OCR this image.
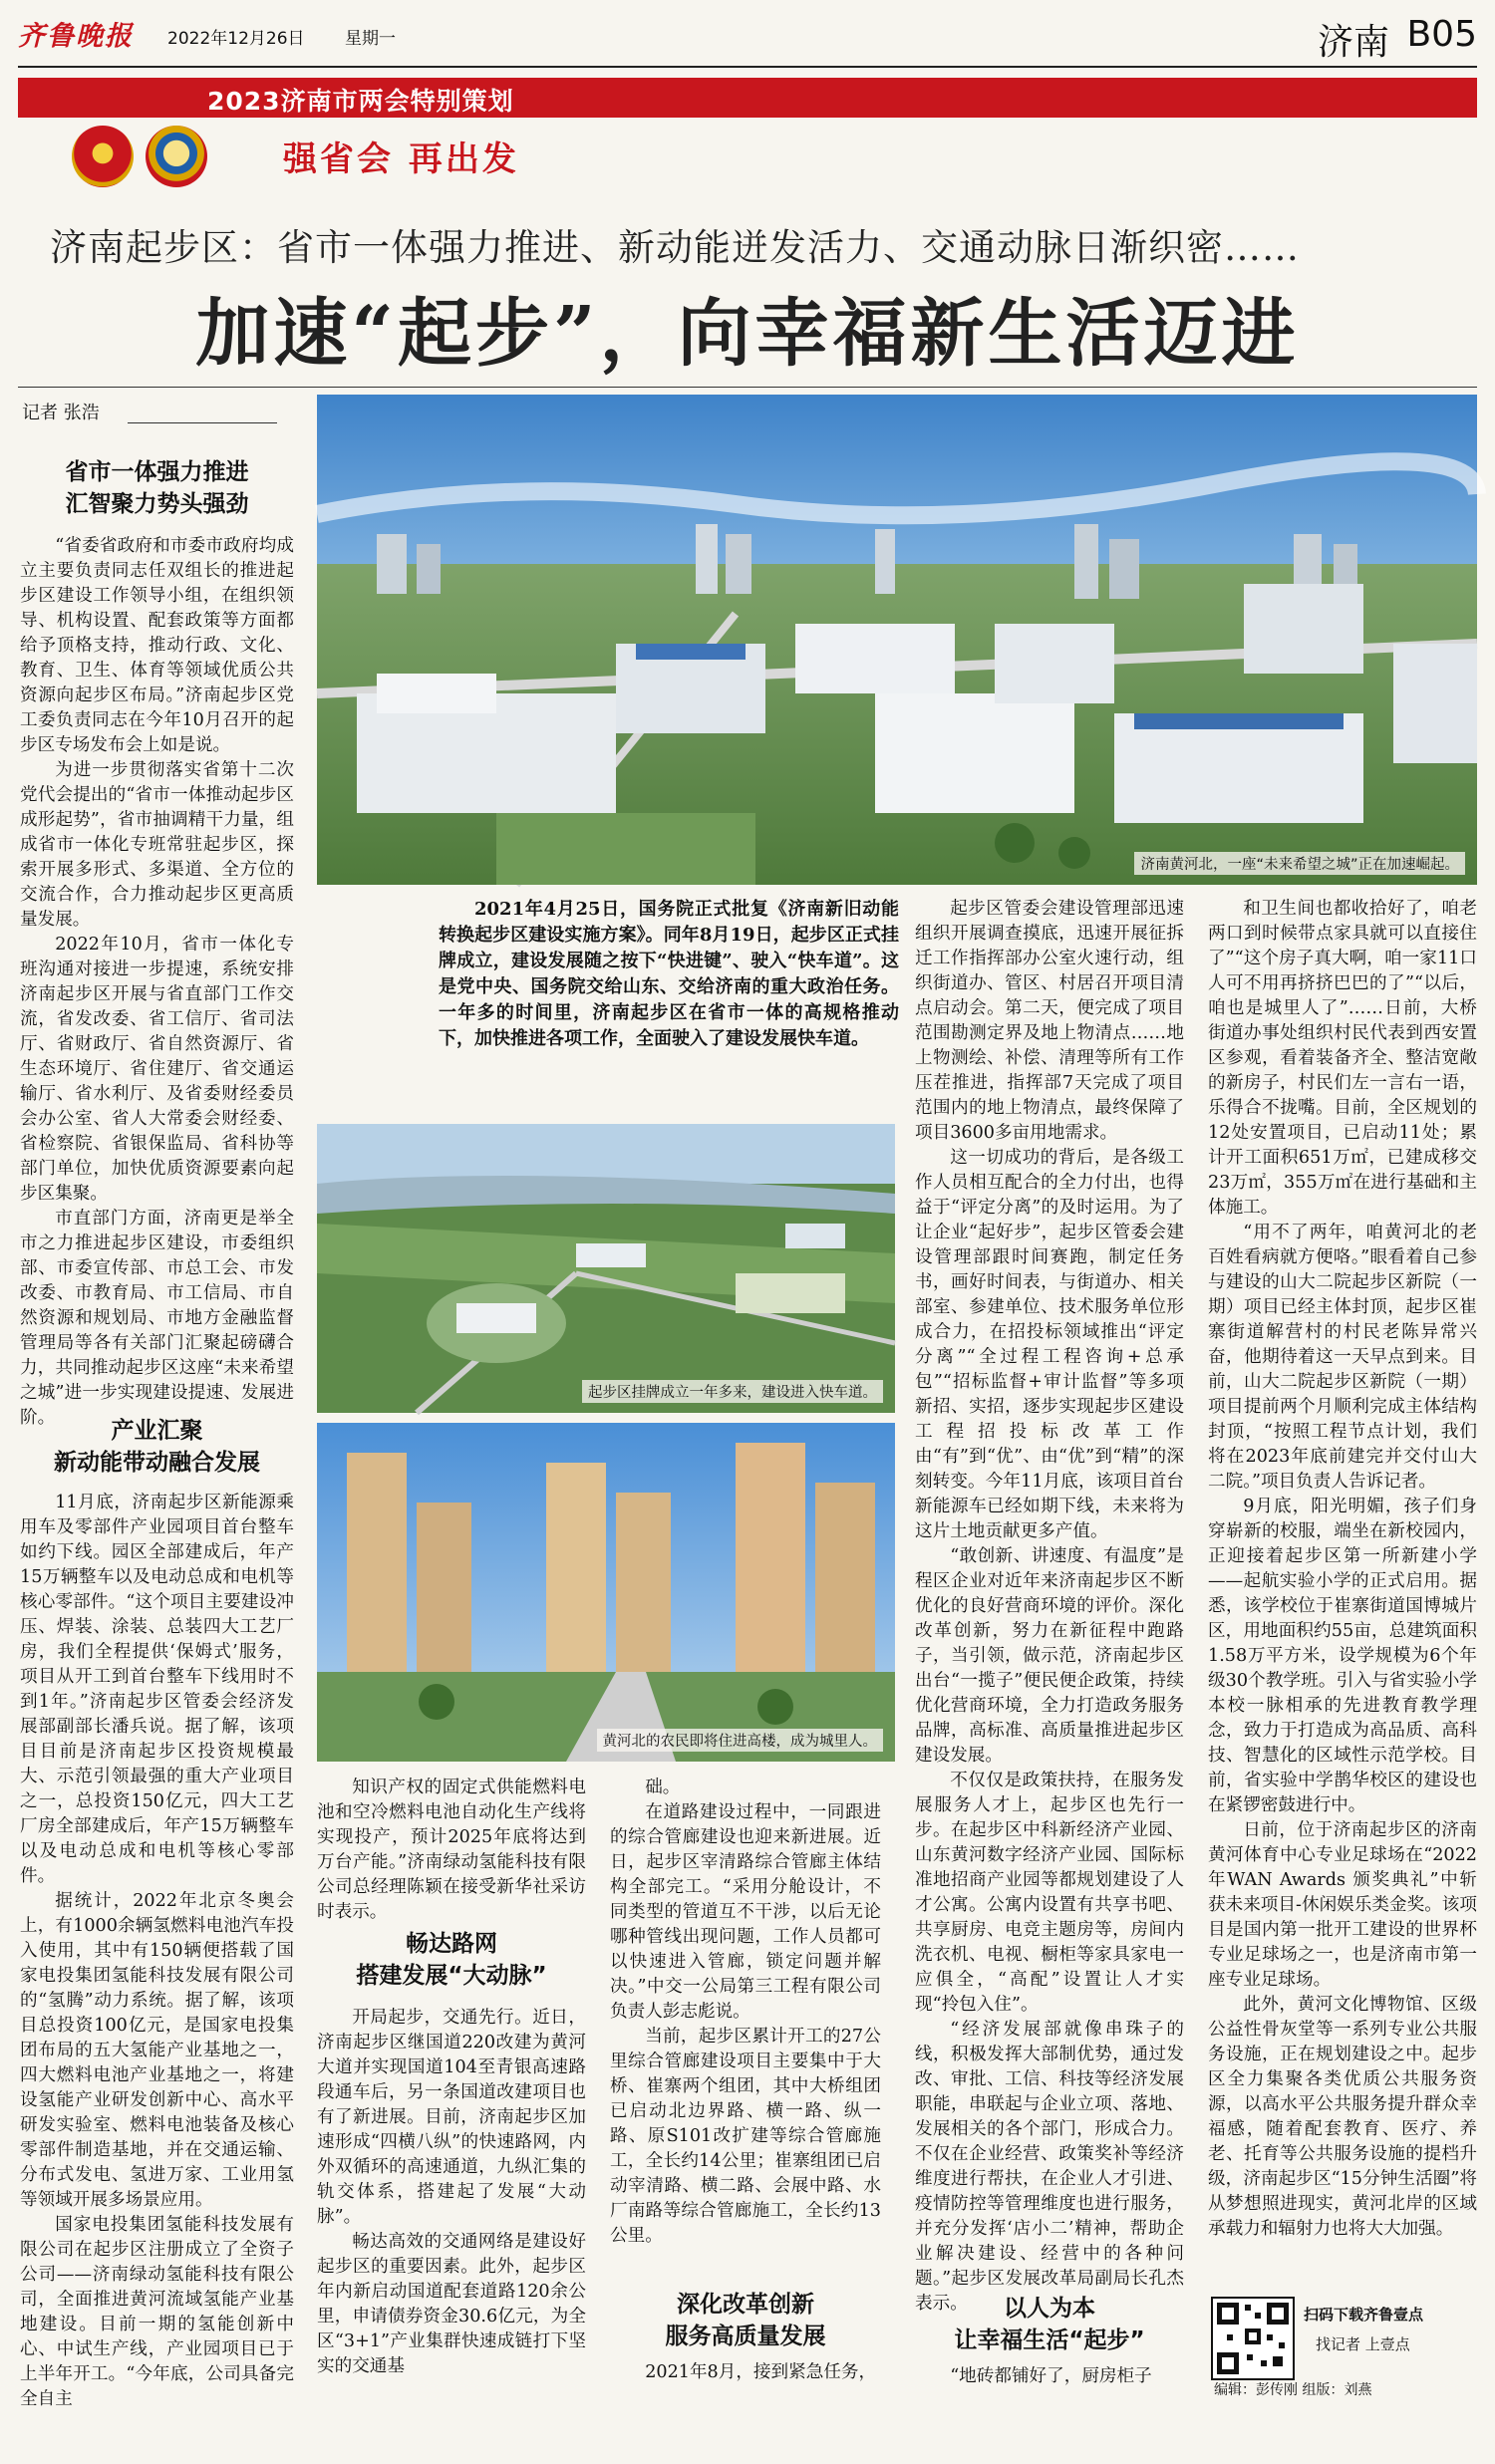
齐鲁晚报 2022年12月26日 星期一	济南 B05
2023济南市两会特别策划
强省会 再出发
济南起步区：省市一体强力推进、新动能迸发活力、交通动脉日渐织密……
加速“起步”，向幸福新生活迈进
记者 张浩
省市一体强力推进
汇智聚力势头强劲

“省委省政府和市委市政府均成立主要负责同志任双组长的推进起步区建设工作领导小组，在组织领导、机构设置、配套政策等方面都给予顶格支持，推动行政、文化、教育、卫生、体育等领域优质公共资源向起步区布局。”济南起步区党工委负责同志在今年10月召开的起步区专场发布会上如是说。

为进一步贯彻落实省第十二次党代会提出的“省市一体推动起步区成形起势”，省市抽调精干力量，组成省市一体化专班常驻起步区，探索开展多形式、多渠道、全方位的交流合作，合力推动起步区更高质量发展。

2022年10月，省市一体化专班沟通对接进一步提速，系统安排济南起步区开展与省直部门工作交流，省发改委、省工信厅、省司法厅、省财政厅、省自然资源厅、省生态环境厅、省住建厅、省交通运输厅、省水利厅、及省委财经委员会办公室、省人大常委会财经委、省检察院、省银保监局、省科协等部门单位，加快优质资源要素向起步区集聚。

市直部门方面，济南更是举全市之力推进起步区建设，市委组织部、市委宣传部、市总工会、市发改委、市教育局、市工信局、市自然资源和规划局、市地方金融监督管理局等各有关部门汇聚起磅礴合力，共同推动起步区这座“未来希望之城”进一步实现建设提速、发展进阶。	产业汇聚
新动能带动融合发展

11月底，济南起步区新能源乘用车及零部件产业园项目首台整车如约下线。园区全部建成后，年产15万辆整车以及电动总成和电机等核心零部件。“这个项目主要建设冲压、焊装、涂装、总装四大工艺厂房，我们全程提供‘保姆式’服务，项目从开工到首台整车下线用时不到1年。”济南起步区管委会经济发展部副部长潘兵说。据了解，该项目目前是济南起步区投资规模最大、示范引领最强的重大产业项目之一，总投资150亿元，四大工艺厂房全部建成后，年产15万辆整车以及电动总成和电机等核心零部件。

据统计，2022年北京冬奥会上，有1000余辆氢燃料电池汽车投入使用，其中有150辆便搭载了国家电投集团氢能科技发展有限公司的“氢腾”动力系统。据了解，该项目总投资100亿元，是国家电投集团布局的五大氢能产业基地之一，四大燃料电池产业基地之一，将建设氢能产业研发创新中心、高水平研发实验室、燃料电池装备及核心零部件制造基地，并在交通运输、分布式发电、氢进万家、工业用氢等领域开展多场景应用。

国家电投集团氢能科技发展有限公司在起步区注册成立了全资子公司——济南绿动氢能科技有限公司，全面推进黄河流域氢能产业基地建设。目前一期的氢能创新中心、中试生产线，产业园项目已于上半年开工。“今年底，公司具备完全自主

济南黄河北，一座“未来希望之城”正在加速崛起。

2021年4月25日，国务院正式批复《济南新旧动能转换起步区建设实施方案》。同年8月19日，起步区正式挂牌成立，建设发展随之按下“快进键”、驶入“快车道”。这是党中央、国务院交给山东、交给济南的重大政治任务。一年多的时间里，济南起步区在省市一体的高规格推动下，加快推进各项工作，全面驶入了建设发展快车道。

起步区挂牌成立一年多来，建设进入快车道。
黄河北的农民即将住进高楼，成为城里人。

知识产权的固定式供能燃料电池和空冷燃料电池自动化生产线将实现投产，预计2025年底将达到万台产能。”济南绿动氢能科技有限公司总经理陈颖在接受新华社采访时表示。

畅达路网
搭建发展“大动脉”

开局起步，交通先行。近日，济南起步区继国道220改建为黄河大道并实现国道104至青银高速路段通车后，另一条国道改建项目也有了新进展。目前，济南起步区加速形成“四横八纵”的快速路网，内外双循环的高速通道，九纵汇集的轨交体系，搭建起了发展“大动脉”。

畅达高效的交通网络是建设好起步区的重要因素。此外，起步区年内新启动国道配套道路120余公里，申请债券资金30.6亿元，为全区“3+1”产业集群快速成链打下坚实的交通基

础。

在道路建设过程中，一同跟进的综合管廊建设也迎来新进展。近日，起步区宰清路综合管廊主体结构全部完工。“采用分舱设计，不同类型的管道互不干涉，以后无论哪种管线出现问题，工作人员都可以快速进入管廊，锁定问题并解决。”中交一公局第三工程有限公司负责人彭志彪说。

当前，起步区累计开工的27公里综合管廊建设项目主要集中于大桥、崔寨两个组团，其中大桥组团已启动北边界路、横一路、纵一路、原S101改扩建等综合管廊施工，全长约14公里；崔寨组团已启动宰清路、横二路、会展中路、水厂南路等综合管廊施工，全长约13公里。

深化改革创新
服务高质量发展

2021年8月，接到紧急任务，

起步区管委会建设管理部迅速组织开展调查摸底，迅速开展征拆迁工作指挥部办公室火速行动，组织街道办、管区、村居召开项目清点启动会。第二天，便完成了项目范围勘测定界及地上物清点……地上物测绘、补偿、清理等所有工作压茬推进，指挥部7天完成了项目范围内的地上物清点，最终保障了项目3600多亩用地需求。

这一切成功的背后，是各级工作人员相互配合的全力付出，也得益于“评定分离”的及时运用。为了让企业“起好步”，起步区管委会建设管理部跟时间赛跑，制定任务书，画好时间表，与街道办、相关部室、参建单位、技术服务单位形成合力，在招投标领域推出“评定分离”“全过程工程咨询+总承包”“招标监督+审计监督”等多项新招、实招，逐步实现起步区建设工程招投标改革工作由“有”到“优”、由“优”到“精”的深刻转变。今年11月底，该项目首台新能源车已经如期下线，未来将为这片土地贡献更多产值。

“敢创新、讲速度、有温度”是程区企业对近年来济南起步区不断优化的良好营商环境的评价。深化改革创新，努力在新征程中跑路子，当引领，做示范，济南起步区出台“一揽子”便民便企政策，持续优化营商环境，全力打造政务服务品牌，高标准、高质量推进起步区建设发展。

不仅仅是政策扶持，在服务发展服务人才上，起步区也先行一步。在起步区中科新经济产业园、山东黄河数字经济产业园、国际标准地招商产业园等都规划建设了人才公寓。公寓内设置有共享书吧、共享厨房、电竞主题房等，房间内洗衣机、电视、橱柜等家具家电一应俱全，“高配”设置让人才实现“拎包入住”。

“经济发展部就像串珠子的线，积极发挥大部制优势，通过发改、审批、工信、科技等经济发展职能，串联起与企业立项、落地、发展相关的各个部门，形成合力。不仅在企业经营、政策奖补等经济维度进行帮扶，在企业人才引进、疫情防控等管理维度也进行服务，并充分发挥‘店小二’精神，帮助企业解决建设、经营中的各种问题。”起步区发展改革局副局长孔杰表示。	以人为本
让幸福生活“起步”

“地砖都铺好了，厨房柜子

和卫生间也都收拾好了，咱老两口到时候带点家具就可以直接住了”“这个房子真大啊，咱一家11口人可不用再挤挤巴巴的了”“以后，咱也是城里人了”……日前，大桥街道办事处组织村民代表到西安置区参观，看着装备齐全、整洁宽敞的新房子，村民们左一言右一语，乐得合不拢嘴。目前，全区规划的12处安置项目，已启动11处；累计开工面积651万㎡，已建成移交23万㎡，355万㎡在进行基础和主体施工。

“用不了两年，咱黄河北的老百姓看病就方便咯。”眼看着自己参与建设的山大二院起步区新院（一期）项目已经主体封顶，起步区崔寨街道解营村的村民老陈异常兴奋，他期待着这一天早点到来。目前，山大二院起步区新院（一期）项目提前两个月顺利完成主体结构封顶，“按照工程节点计划，我们将在2023年底前建完并交付山大二院。”项目负责人告诉记者。

9月底，阳光明媚，孩子们身穿崭新的校服，端坐在新校园内，正迎接着起步区第一所新建小学——起航实验小学的正式启用。据悉，该学校位于崔寨街道国博城片区，用地面积约55亩，总建筑面积1.58万平方米，设学规模为6个年级30个教学班。引入与省实验小学本校一脉相承的先进教育教学理念，致力于打造成为高品质、高科技、智慧化的区域性示范学校。目前，省实验中学鹊华校区的建设也在紧锣密鼓进行中。

日前，位于济南起步区的济南黄河体育中心专业足球场在“2022年WAN Awards 颁奖典礼”中斩获未来项目-休闲娱乐类金奖。该项目是国内第一批开工建设的世界杯专业足球场之一，也是济南市第一座专业足球场。

此外，黄河文化博物馆、区级公益性骨灰堂等一系列专业公共服务设施，正在规划建设之中。起步区全力集聚各类优质公共服务资源，以高水平公共服务提升群众幸福感，随着配套教育、医疗、养老、托育等公共服务设施的提档升级，济南起步区“15分钟生活圈”将从梦想照进现实，黄河北岸的区域承载力和辐射力也将大大加强。

扫码下载齐鲁壹点
找记者 上壹点
编辑：彭传刚 组版：刘燕
